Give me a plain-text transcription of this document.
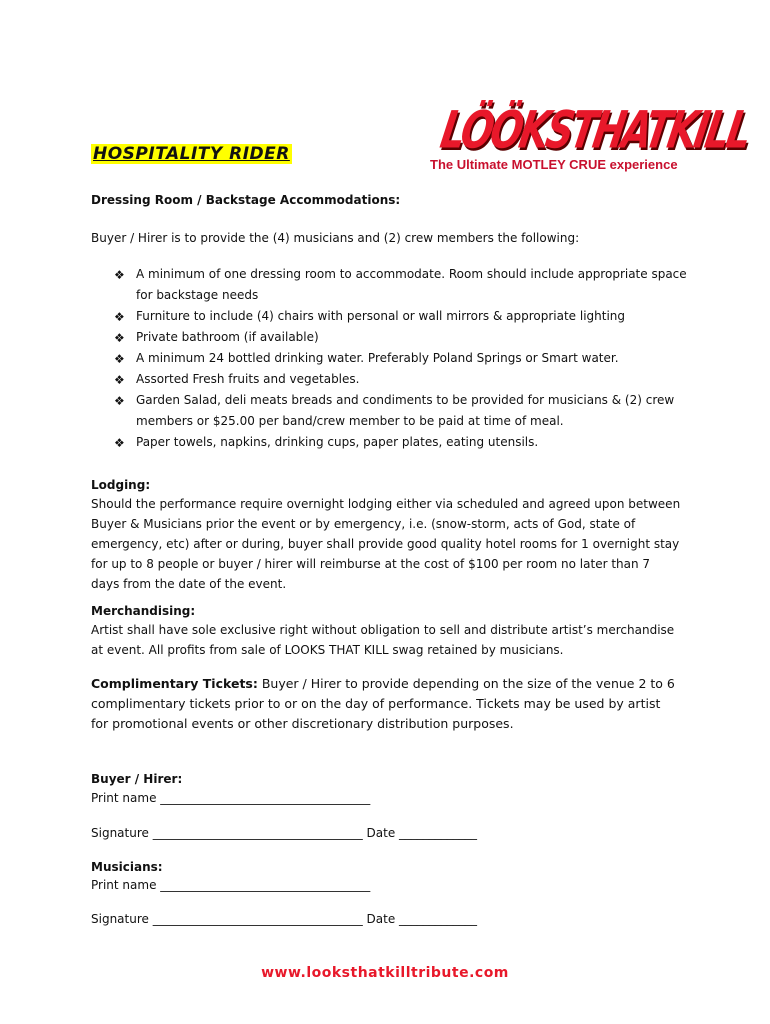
HOSPITALITY RIDER	LÖÖKSTHATKILL
The Ultimate MOTLEY CRUE experience
Dressing Room / Backstage Accommodations:
Buyer / Hirer is to provide the (4) musicians and (2) crew members the following:
❖ A minimum of one dressing room to accommodate. Room should include appropriate space for backstage needs
❖ Furniture to include (4) chairs with personal or wall mirrors & appropriate lighting
❖ Private bathroom (if available)
❖ A minimum 24 bottled drinking water. Preferably Poland Springs or Smart water.
❖ Assorted Fresh fruits and vegetables.
❖ Garden Salad, deli meats breads and condiments to be provided for musicians & (2) crew members or $25.00 per band/crew member to be paid at time of meal.
❖ Paper towels, napkins, drinking cups, paper plates, eating utensils.
Lodging:
Should the performance require overnight lodging either via scheduled and agreed upon between Buyer & Musicians prior the event or by emergency, i.e. (snow-storm, acts of God, state of emergency, etc) after or during, buyer shall provide good quality hotel rooms for 1 overnight stay for up to 8 people or buyer / hirer will reimburse at the cost of $100 per room no later than 7 days from the date of the event.
Merchandising:
Artist shall have sole exclusive right without obligation to sell and distribute artist’s merchandise at event. All profits from sale of LOOKS THAT KILL swag retained by musicians.
Complimentary Tickets: Buyer / Hirer to provide depending on the size of the venue 2 to 6 complimentary tickets prior to or on the day of performance. Tickets may be used by artist for promotional events or other discretionary distribution purposes.
Buyer / Hirer:
Print name ___________________________________
Signature ___________________________________ Date _____________
Musicians:
Print name ___________________________________
Signature ___________________________________ Date _____________
www.looksthatkilltribute.com
